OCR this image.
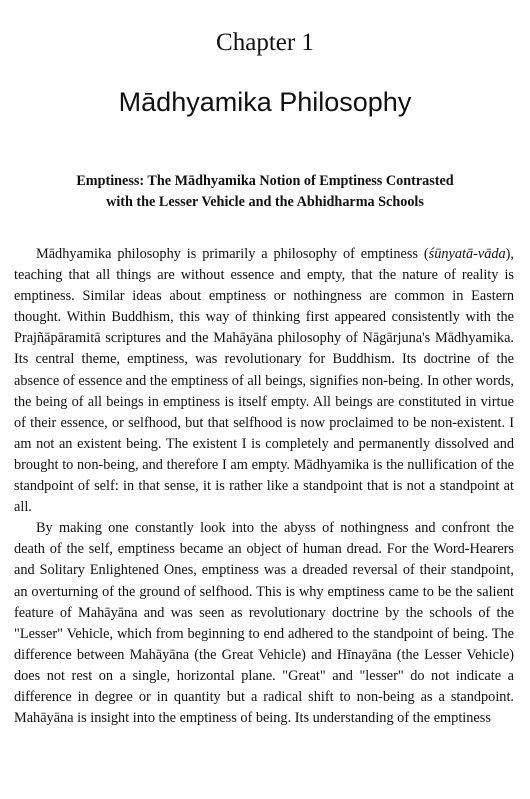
Chapter 1
Mādhyamika Philosophy
Emptiness: The Mādhyamika Notion of Emptiness Contrasted
with the Lesser Vehicle and the Abhidharma Schools

Mādhyamika philosophy is primarily a philosophy of emptiness (śūnyatā-vāda), teaching that all things are without essence and empty, that the nature of reality is emptiness. Similar ideas about emptiness or nothingness are common in Eastern thought. Within Buddhism, this way of thinking first appeared consistently with the Prajñāpāramitā scriptures and the Mahāyāna philosophy of Nāgārjuna's Mādhyamika. Its central theme, emptiness, was revolutionary for Buddhism. Its doctrine of the absence of essence and the emptiness of all beings, signifies non-being. In other words, the being of all beings in emptiness is itself empty. All beings are constituted in virtue of their essence, or selfhood, but that selfhood is now proclaimed to be non-existent. I am not an existent being. The existent I is completely and permanently dissolved and brought to non-being, and therefore I am empty. Mādhyamika is the nullification of the standpoint of self: in that sense, it is rather like a standpoint that is not a standpoint at all.

By making one constantly look into the abyss of nothingness and confront the death of the self, emptiness became an object of human dread. For the Word-Hearers and Solitary Enlightened Ones, emptiness was a dreaded reversal of their standpoint, an overturning of the ground of selfhood. This is why emptiness came to be the salient feature of Mahāyāna and was seen as revolutionary doctrine by the schools of the "Lesser" Vehicle, which from beginning to end adhered to the standpoint of being. The difference between Mahāyāna (the Great Vehicle) and Hīnayāna (the Lesser Vehicle) does not rest on a single, horizontal plane. "Great" and "lesser" do not indicate a difference in degree or in quantity but a radical shift to non-being as a standpoint. Mahāyāna is insight into the emptiness of being. Its understanding of the emptiness
